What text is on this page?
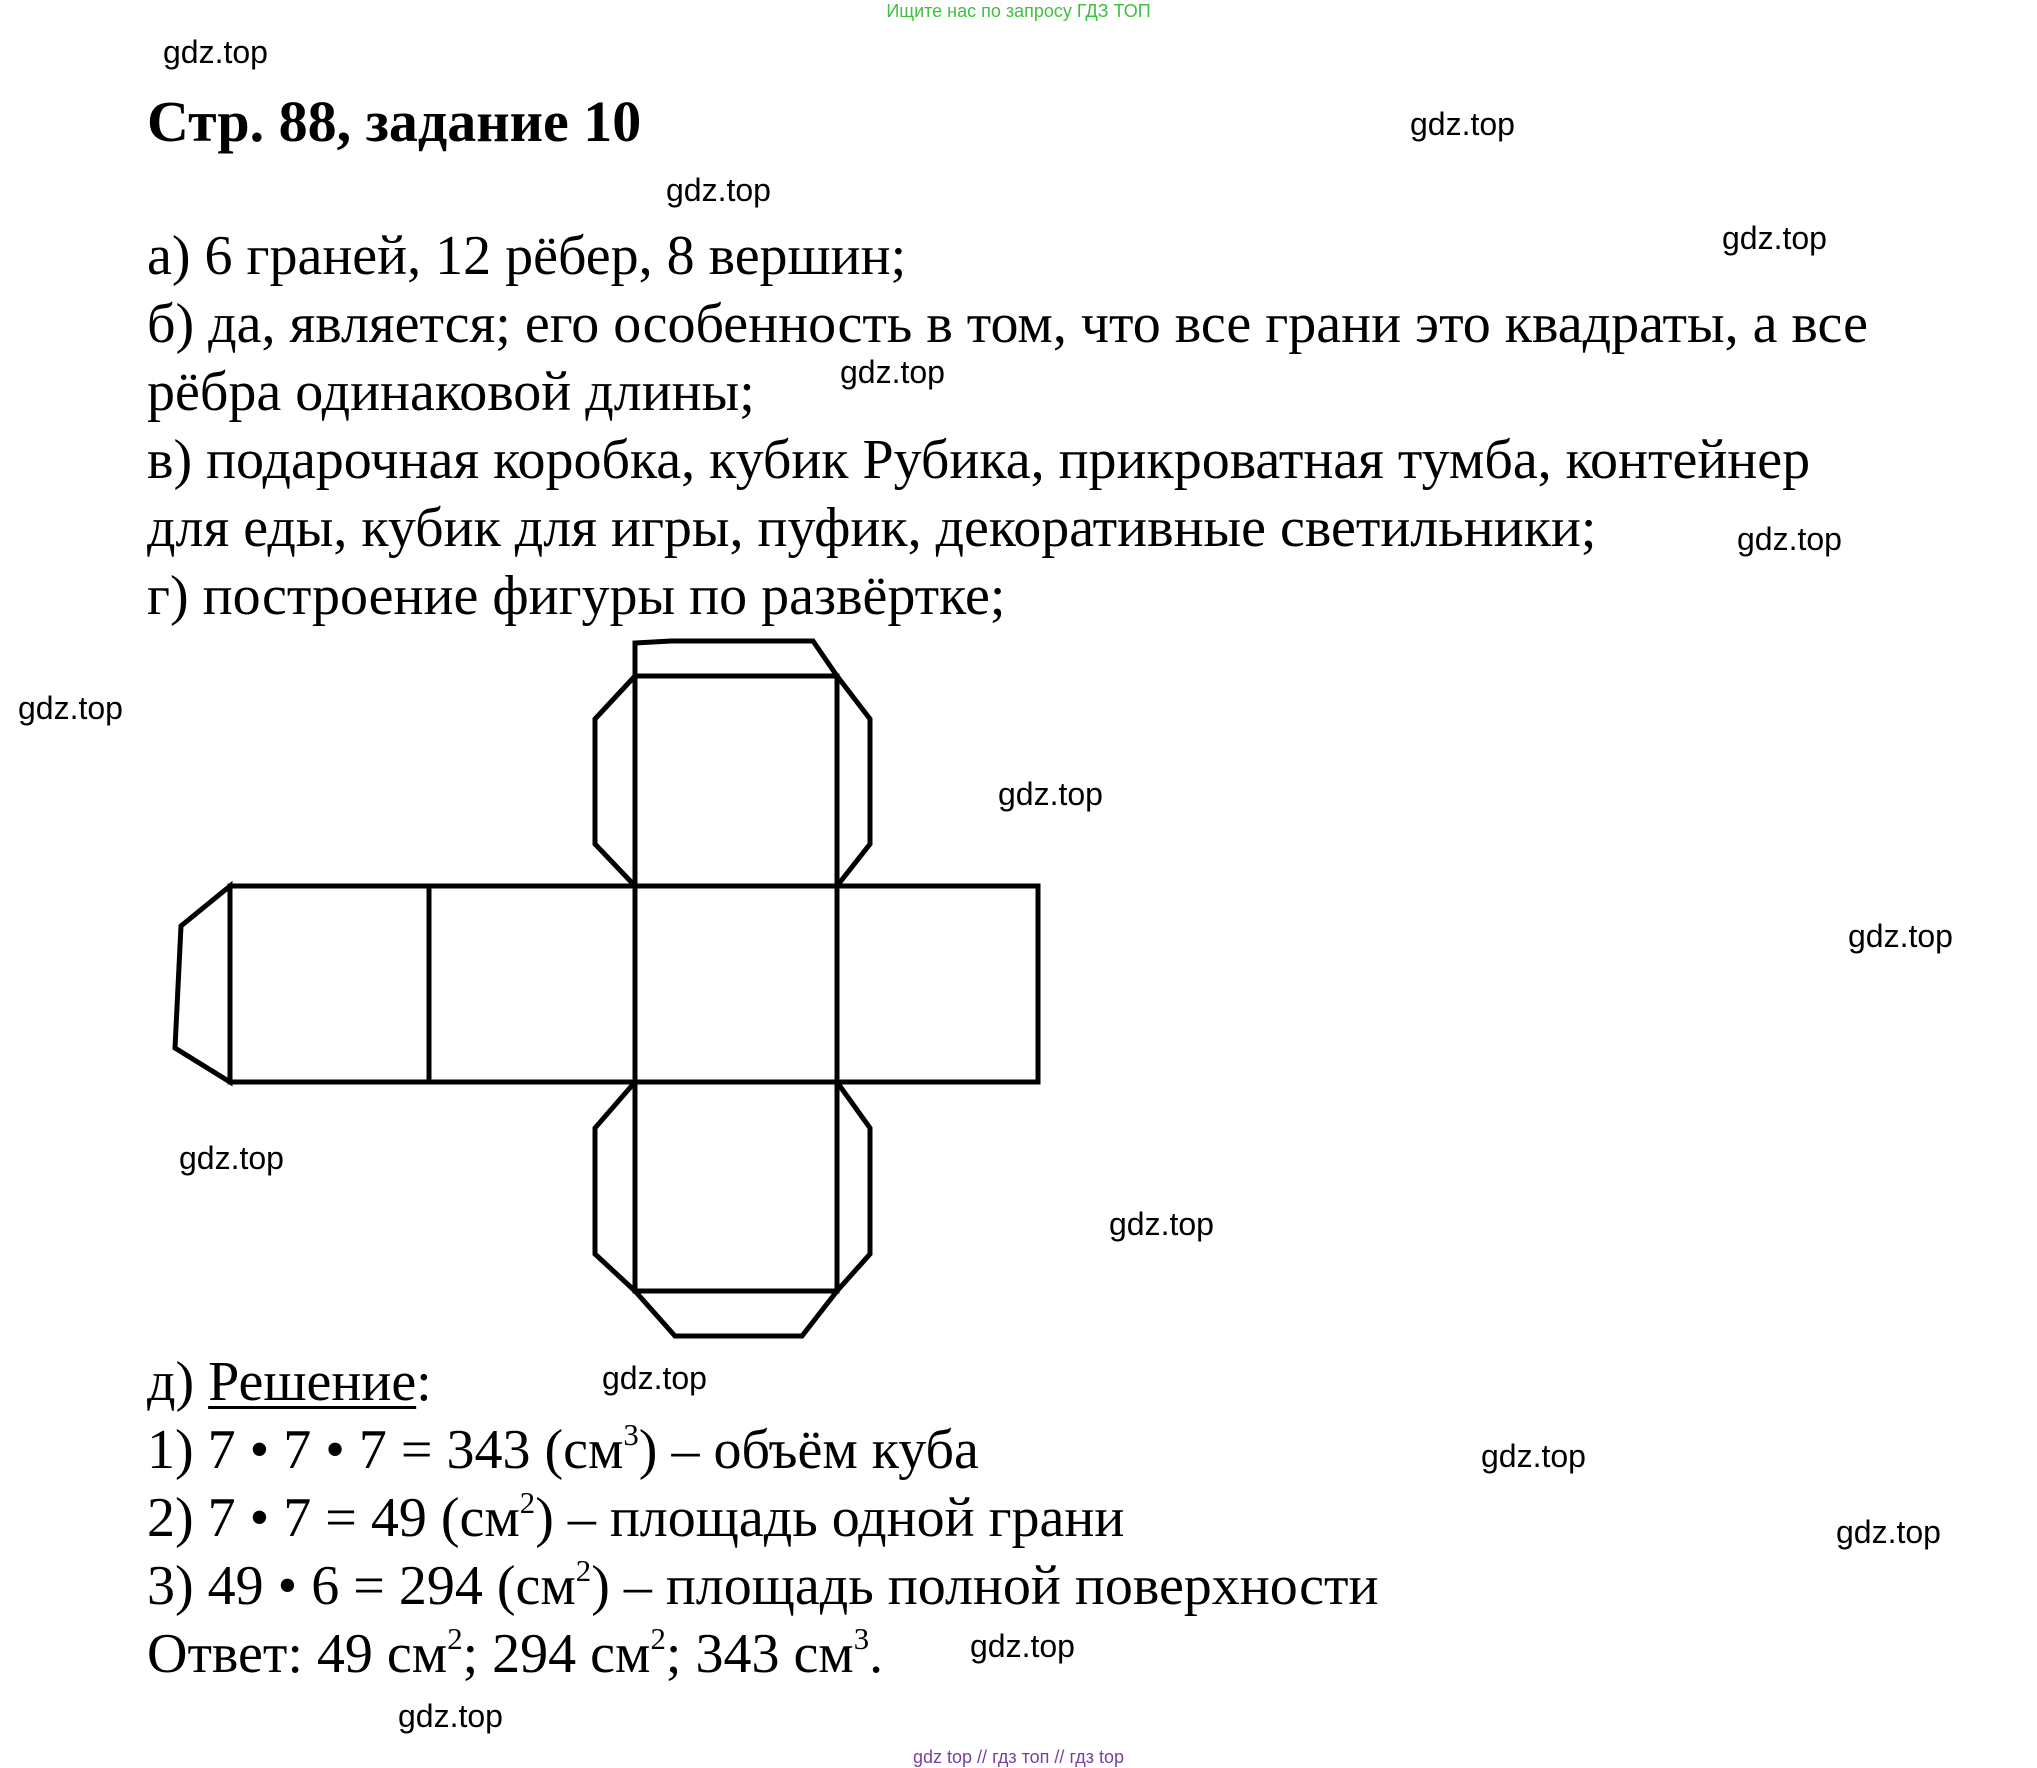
Ищите нас по запросу ГДЗ ТОП
gdz.top
gdz.top
gdz.top
gdz.top
gdz.top
gdz.top
gdz.top
gdz.top
gdz.top
gdz.top
gdz.top
gdz.top
gdz.top
gdz.top
gdz.top
gdz.top
Стр. 88, задание 10
а) 6 граней, 12 рёбер, 8 вершин;
б) да, является; его особенность в том, что все грани это квадраты, а все
рёбра одинаковой длины;
в) подарочная коробка, кубик Рубика, прикроватная тумба, контейнер
для еды, кубик для игры, пуфик, декоративные светильники;
г) построение фигуры по развёртке;
д) Решение:
1) 7 • 7 • 7 = 343 $(см^3)$ – объём куба
2) 7 • 7 = 49 $(см^2)$ – площадь одной грани
3) 49 • 6 = 294 $(см^2)$ – площадь полной поверхности
Ответ: 49 $см^2$; 294 $см^2$; 343 $см^3$.
gdz top // гдз топ // гдз top
